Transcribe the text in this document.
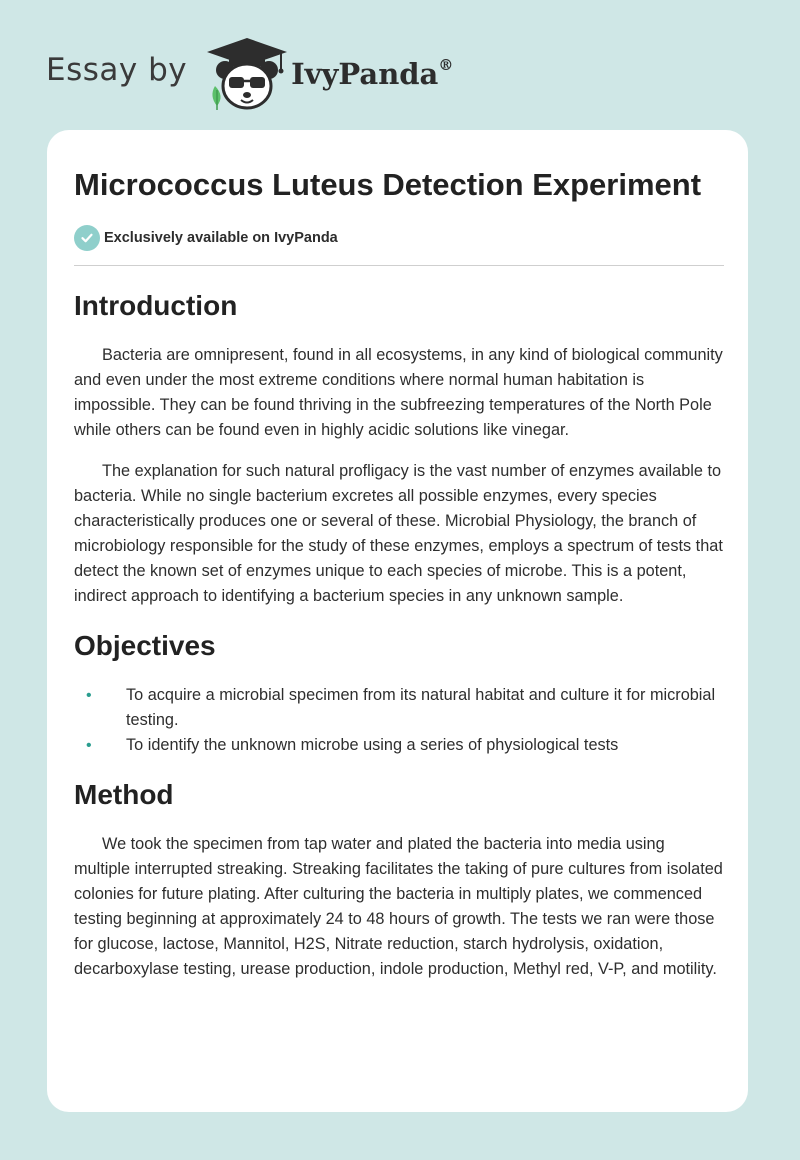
Essay by	IvyPanda®
Micrococcus Luteus Detection Experiment
Exclusively available on IvyPanda
Introduction

Bacteria are omnipresent, found in all ecosystems, in any kind of biological community and even under the most extreme conditions where normal human habitation is impossible. They can be found thriving in the subfreezing temperatures of the North Pole while others can be found even in highly acidic solutions like vinegar.

The explanation for such natural profligacy is the vast number of enzymes available to bacteria. While no single bacterium excretes all possible enzymes, every species characteristically produces one or several of these. Microbial Physiology, the branch of microbiology responsible for the study of these enzymes, employs a spectrum of tests that detect the known set of enzymes unique to each species of microbe. This is a potent, indirect approach to identifying a bacterium species in any unknown sample.

Objectives
• To acquire a microbial specimen from its natural habitat and culture it for microbial testing.
• To identify the unknown microbe using a series of physiological tests
Method

We took the specimen from tap water and plated the bacteria into media using multiple interrupted streaking. Streaking facilitates the taking of pure cultures from isolated colonies for future plating. After culturing the bacteria in multiply plates, we commenced testing beginning at approximately 24 to 48 hours of growth. The tests we ran were those for glucose, lactose, Mannitol, H2S, Nitrate reduction, starch hydrolysis, oxidation, decarboxylase testing, urease production, indole production, Methyl red, V-P, and motility.
